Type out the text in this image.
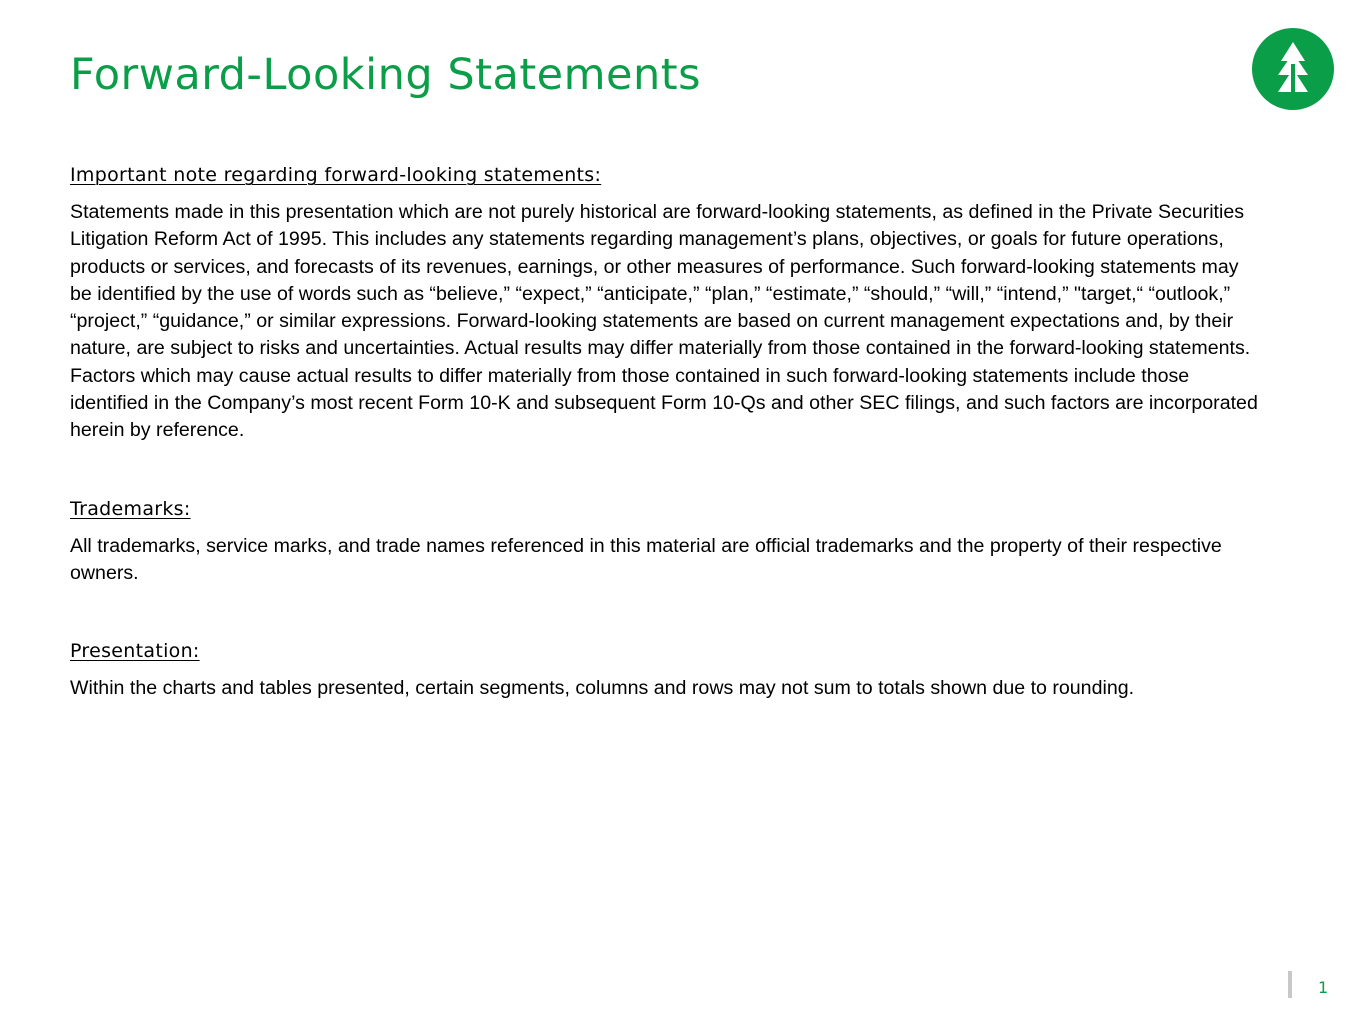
Forward-Looking Statements
Important note regarding forward-looking statements:

Statements made in this presentation which are not purely historical are forward-looking statements, as defined in the Private Securities Litigation Reform Act of 1995. This includes any statements regarding management’s plans, objectives, or goals for future operations, products or services, and forecasts of its revenues, earnings, or other measures of performance. Such forward-looking statements may be identified by the use of words such as “believe,” “expect,” “anticipate,” “plan,” “estimate,” “should,” “will,” “intend,” "target,“ “outlook,” “project,” “guidance,” or similar expressions. Forward-looking statements are based on current management expectations and, by their nature, are subject to risks and uncertainties. Actual results may differ materially from those contained in the forward-looking statements. Factors which may cause actual results to differ materially from those contained in such forward-looking statements include those identified in the Company’s most recent Form 10-K and subsequent Form 10-Qs and other SEC filings, and such factors are incorporated herein by reference.

Trademarks:

All trademarks, service marks, and trade names referenced in this material are official trademarks and the property of their respective owners.

Presentation:

Within the charts and tables presented, certain segments, columns and rows may not sum to totals shown due to rounding.

1
